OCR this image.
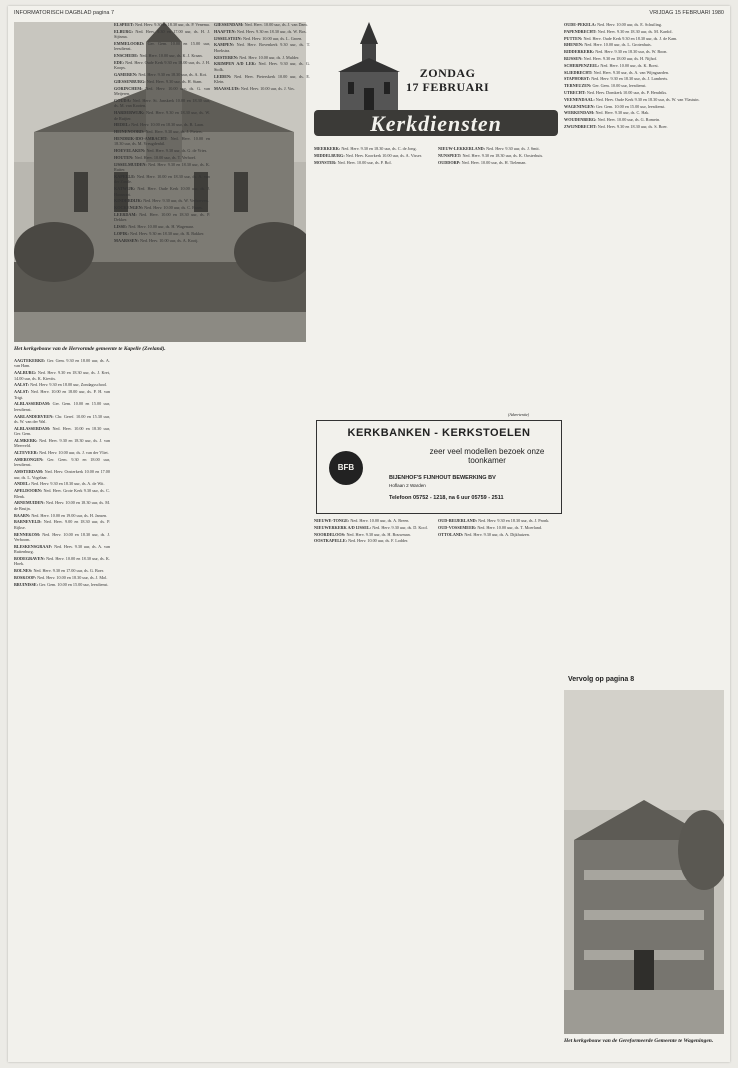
INFORMATORISCH DAGBLAD pagina 7	VRIJDAG 15 FEBRUARI 1980
Het kerkgebouw van de Hervormde gemeente te Kapelle (Zeeland).
ZONDAG
17 FEBRUARI
Kerkdiensten

AAGTEKERKE: Ger. Gem. 9.30 en 18.00 uur, ds. A. van Ham.

AALBURG: Ned. Herv. 9.30 en 18.30 uur, ds. J. Kret, 14.00 uur, ds. K. Kievits.

AALST: Ned. Herv. 9.30 en 18.00 uur, Zondagsschool.

AALST: Ned. Herv. 10.00 en 18.00 uur, ds. P. H. van Trigt.

ALBLASSERDAM: Ger. Gem. 10.00 en 15.00 uur, leesdienst.

AARLANDERVEEN: Chr. Geref. 10.00 en 15.30 uur, ds. W. van der Wal.

ALBLASSERDAM: Ned. Herv. 10.00 en 18.30 uur, Ger. Gem.

ALMKERK: Ned. Herv. 9.30 en 18.30 uur, ds. J. van Meerveld.

ALTEVEER: Ned. Herv. 10.00 uur, ds. J. van der Vliet.

AMERONGEN: Ger. Gem. 9.30 en 18.00 uur, leesdienst.

AMSTERDAM: Ned. Herv. Oosterkerk 10.00 en 17.00 uur, ds. L. Vogelaar.

ANDEL: Ned. Herv. 9.30 en 18.30 uur, ds. A. de Wit.

APELDOORN: Ned. Herv. Grote Kerk 9.30 uur, ds. C. Blenk.

ARNEMUIDEN: Ned. Herv. 10.00 en 18.30 uur, ds. M. de Bruijn.

BAARN: Ned. Herv. 10.00 en 19.00 uur, ds. H. Jansen.

BARNEVELD: Ned. Herv. 9.00 en 18.30 uur, ds. P. Rijkse.

BENNEKOM: Ned. Herv. 10.00 en 18.30 uur, ds. J. Verboom.

BLESKENSGRAAF: Ned. Herv. 9.30 uur, ds. A. van Ruitenburg.

BODEGRAVEN: Ned. Herv. 10.00 en 18.30 uur, ds. K. Hoek.

BOLNES: Ned. Herv. 9.30 en 17.00 uur, ds. G. Boer.

BOSKOOP: Ned. Herv. 10.00 en 18.30 uur, ds. J. Mol.

BRUINISSE: Ger. Gem. 10.00 en 15.00 uur, leesdienst.

ELSPEET: Ned. Herv. 9.30 en 18.30 uur, ds. P. Venema.

ELBURG: Ned. Herv. 9.30 en 17.00 uur, ds. H. J. Sijtsma.

EMMELOORD: Ger. Gem. 10.00 en 15.00 uur, leesdienst.

ENSCHEDE: Ned. Herv. 10.00 uur, ds. K. J. Kraan.

EDE: Ned. Herv. Oude Kerk 9.30 en 18.00 uur, ds. J. H. Koops.

GAMEREN: Ned. Herv. 9.30 en 18.30 uur, ds. A. Kot.

GIESSENBURG: Ned. Herv. 9.30 uur, ds. H. Stam.

GORINCHEM: Ned. Herv. 10.00 uur, ds. G. van Meijeren.

GOUDA: Ned. Herv. St. Janskerk 10.00 en 18.30 uur, ds. M. van Kooten.

HARDERWIJK: Ned. Herv. 9.30 en 18.30 uur, ds. W. de Ruijter.

HEDEL: Ned. Herv. 10.00 en 18.30 uur, ds. B. Laan.

HEINENOORD: Ned. Herv. 9.30 uur, ds. J. Pieters.

HENDRIK-IDO-AMBACHT: Ned. Herv. 10.00 en 18.30 uur, ds. M. Vreugdenhil.

HOEVELAKEN: Ned. Herv. 9.30 uur, ds. G. de Vries.

HOUTEN: Ned. Herv. 10.00 uur, ds. T. Verhoef.

IJSSELMUIDEN: Ned. Herv. 9.30 en 18.30 uur, ds. K. Ruiter.

KAPELLE: Ned. Herv. 10.00 en 18.30 uur, ds. A. van der Zande.

KATWIJK: Ned. Herv. Oude Kerk 10.00 uur, ds. J. Haasnoot.

KINDERDIJK: Ned. Herv. 9.30 uur, ds. W. Verhoeven.

KOCKENGEN: Ned. Herv. 10.00 uur, ds. C. Baars.

LEERDAM: Ned. Herv. 10.00 en 18.30 uur, ds. P. Dekker.

LISSE: Ned. Herv. 10.00 uur, ds. H. Wagenaar.

LOPIK: Ned. Herv. 9.30 en 18.30 uur, ds. R. Bakker.

MAARSSEN: Ned. Herv. 10.00 uur, ds. A. Kooij.

GIESSENDAM: Ned. Herv. 10.00 uur, ds. J. van Dam.

HAAFTEN: Ned. Herv. 9.30 en 18.30 uur, ds. W. Bos.

IJSSELSTEIN: Ned. Herv. 10.00 uur, ds. L. Groen.

KAMPEN: Ned. Herv. Bovenkerk 9.30 uur, ds. T. Hoekstra.

KESTEREN: Ned. Herv. 10.00 uur, ds. J. Mulder.

KRIMPEN A/D LEK: Ned. Herv. 9.30 uur, ds. G. Stolk.

LEIDEN: Ned. Herv. Pieterskerk 10.00 uur, ds. E. Klein.

MAASSLUIS: Ned. Herv. 10.00 uur, ds. J. Vos.

MEERKERK: Ned. Herv. 9.30 en 18.30 uur, ds. C. de Jong.

MIDDELBURG: Ned. Herv. Koorkerk 10.00 uur, ds. A. Visser.

MONSTER: Ned. Herv. 10.00 uur, ds. P. Bol.

NIEUW-LEKKERLAND: Ned. Herv. 9.30 uur, ds. J. Smit.

NUNSPEET: Ned. Herv. 9.30 en 18.30 uur, ds. K. Oosterhuis.

OUDDORP: Ned. Herv. 10.00 uur, ds. H. Tieleman.

NIEUWE-TONGE: Ned. Herv. 10.00 uur, ds. A. Breen.

NIEUWERKERK A/D IJSSEL: Ned. Herv. 9.30 uur, ds. D. Kool.

NOORDELOOS: Ned. Herv. 9.30 uur, ds. H. Bouwman.

OOSTKAPELLE: Ned. Herv. 10.00 uur, ds. F. Lodder.

OUD-BEIJERLAND: Ned. Herv. 9.30 en 18.30 uur, ds. J. Pronk.

OUD-VOSSEMEER: Ned. Herv. 10.00 uur, ds. T. Moerland.

OTTOLAND: Ned. Herv. 9.30 uur, ds. A. Dijkhuizen.

OUDE-PEKELA: Ned. Herv. 10.00 uur, ds. E. Schuiling.

PAPENDRECHT: Ned. Herv. 9.30 en 18.30 uur, ds. M. Kardol.

PUTTEN: Ned. Herv. Oude Kerk 9.30 en 18.30 uur, ds. J. de Kam.

RHENEN: Ned. Herv. 10.00 uur, ds. L. Grotenhuis.

RIDDERKERK: Ned. Herv. 9.30 en 18.30 uur, ds. W. Boon.

RIJSSEN: Ned. Herv. 9.30 en 18.00 uur, ds. H. Nijhof.

SCHERPENZEEL: Ned. Herv. 10.00 uur, ds. K. Borst.

SLIEDRECHT: Ned. Herv. 9.30 uur, ds. A. van Wijngaarden.

STAPHORST: Ned. Herv. 9.30 en 18.30 uur, ds. J. Lamberts.

TERNEUZEN: Ger. Gem. 10.00 uur, leesdienst.

UTRECHT: Ned. Herv. Domkerk 10.00 uur, ds. P. Hendriks.

VEENENDAAL: Ned. Herv. Oude Kerk 9.30 en 18.30 uur, ds. W. van Vlastuin.

WAGENINGEN: Ger. Gem. 10.00 en 15.00 uur, leesdienst.

WERKENDAM: Ned. Herv. 9.30 uur, ds. C. Hak.

WOUDENBERG: Ned. Herv. 10.00 uur, ds. G. Romein.

ZWIJNDRECHT: Ned. Herv. 9.30 en 18.30 uur, ds. S. Boer.

Vervolg op pagina 8
Het kerkgebouw van de Gereformeerde Gemeente te Wageningen.
(Advertentie)
KERKBANKEN - KERKSTOELEN
BFB
zeer veel modellen bezoek onze toonkamer
BIJENHOF'S FIJNHOUT BEWERKING BV
Hoflaan 2 Warden
Telefoon 05752 - 1218, na 6 uur 05759 - 2511
